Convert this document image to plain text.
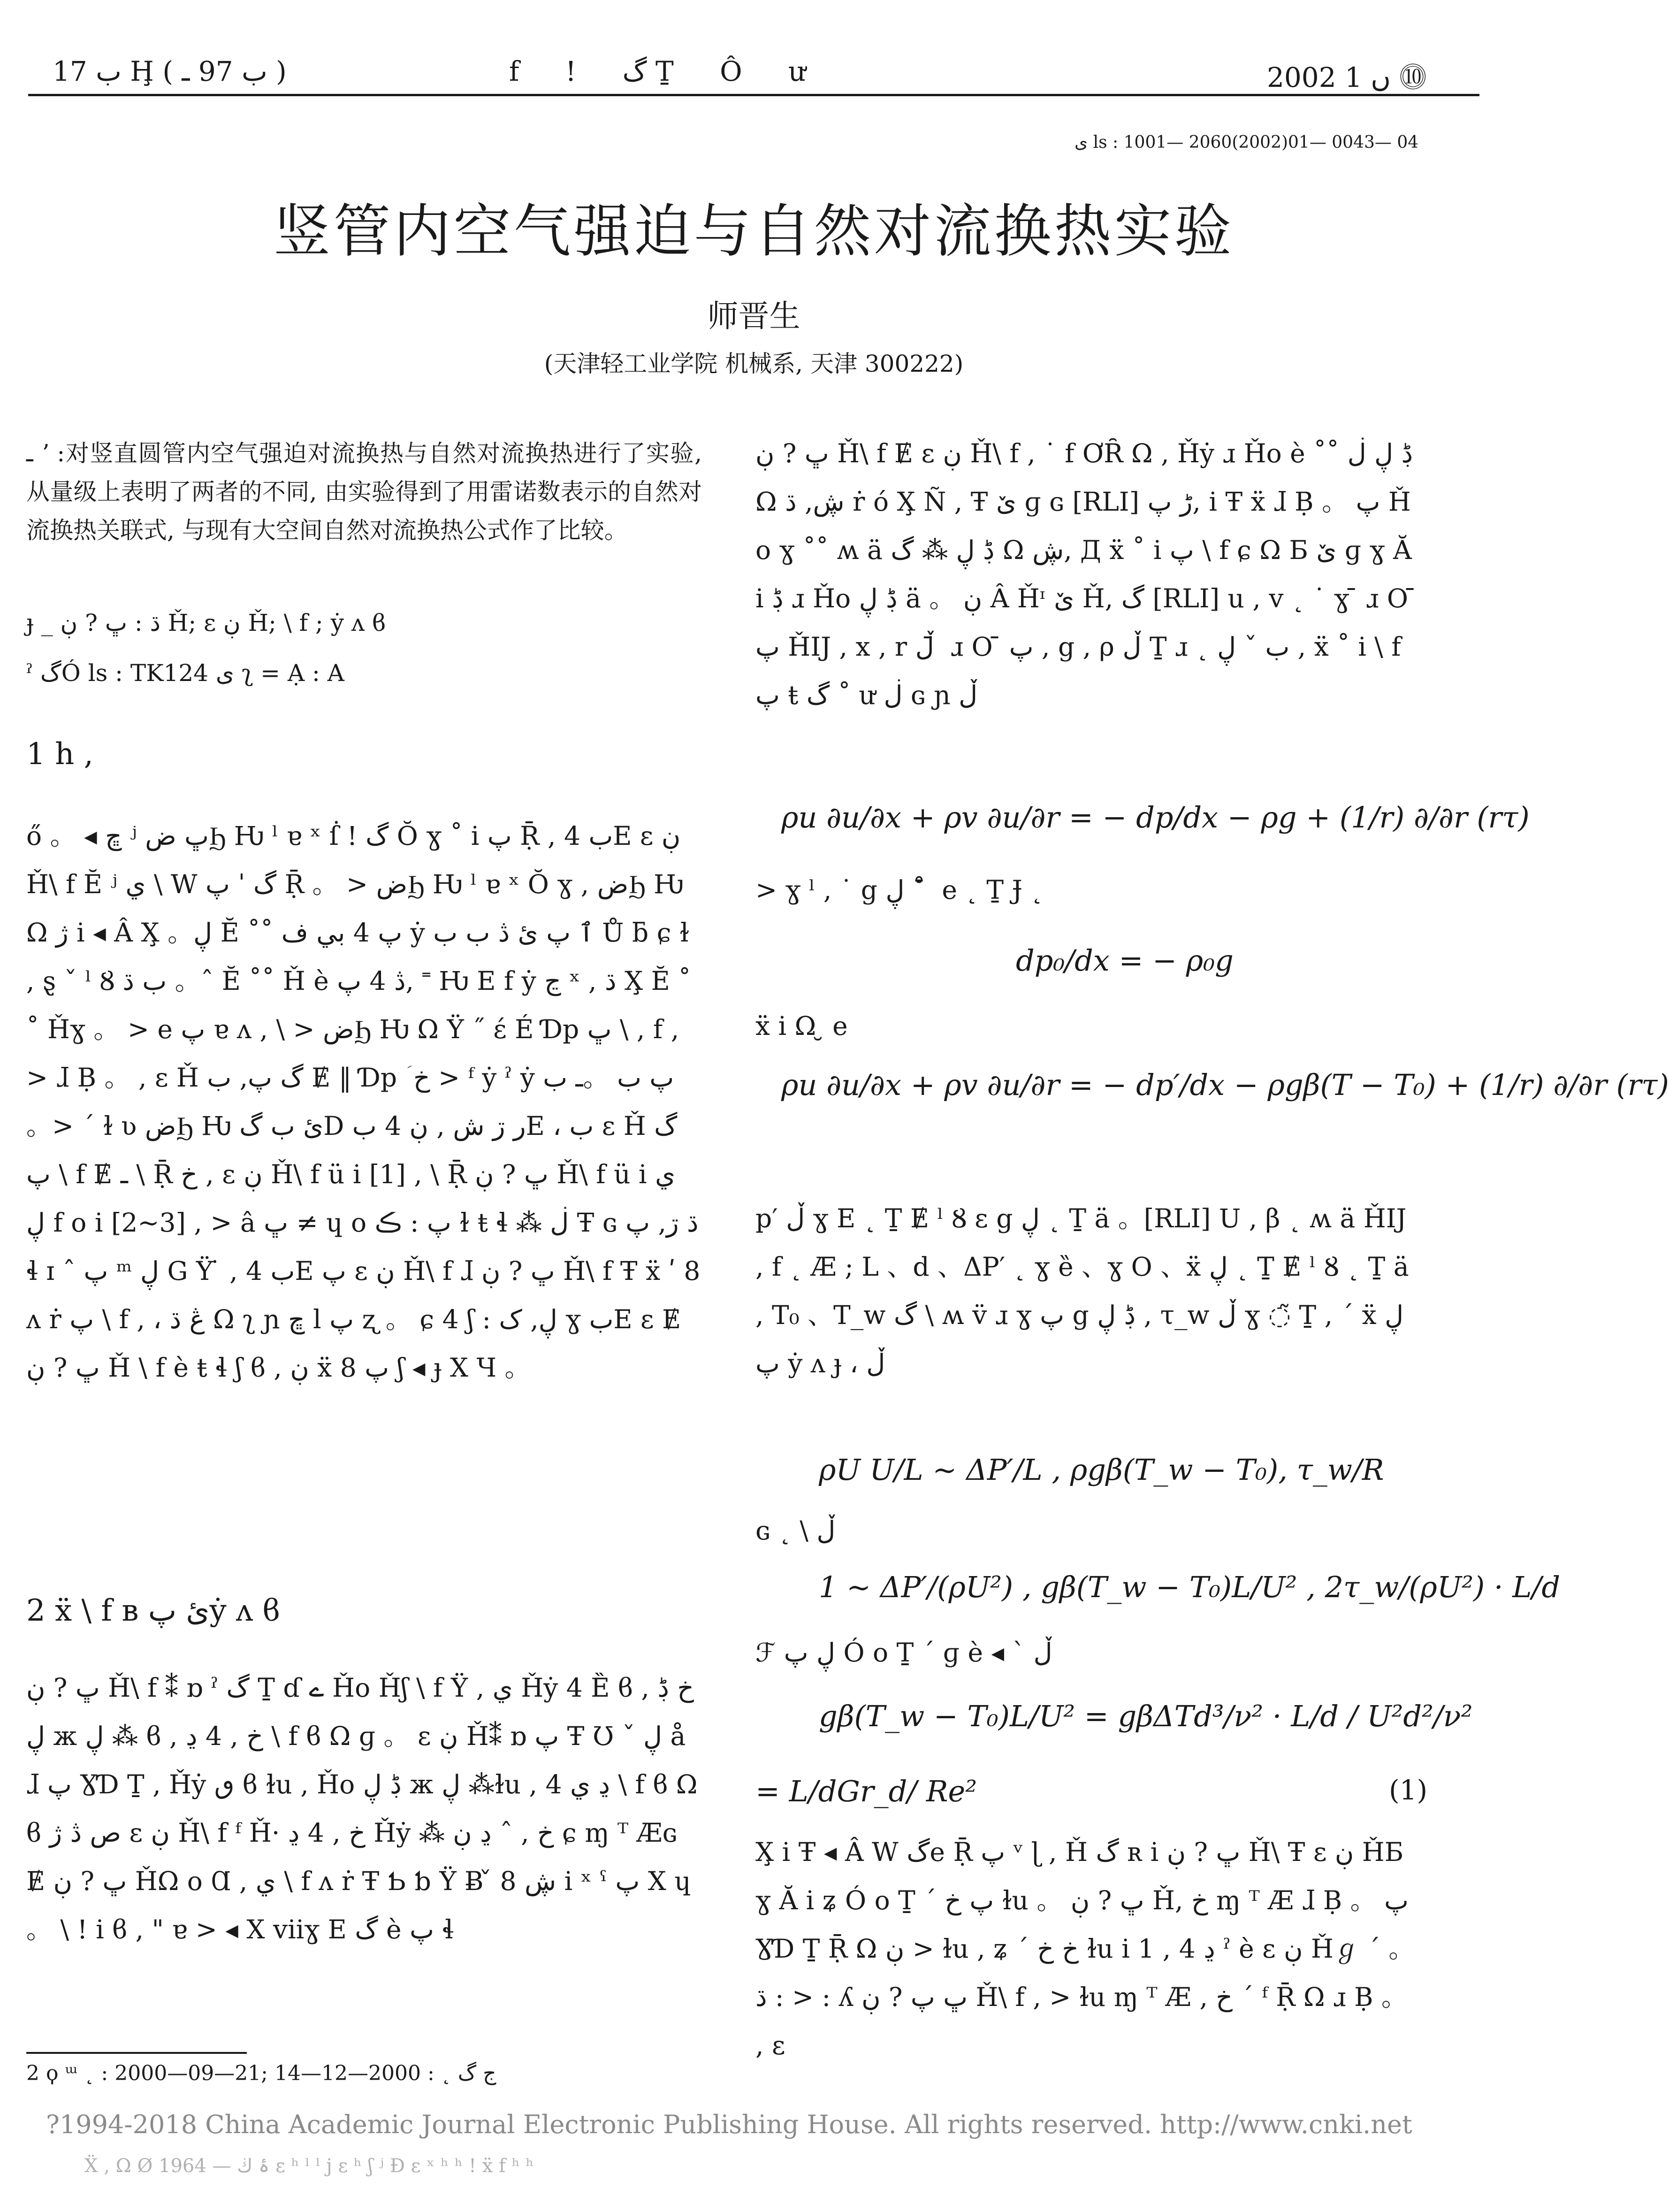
ب 17 Ḩ ( ب 97 ـ )	f ! گ Ṯ Ô ư	2002 ں 1 ⓾
ى ls : 1001— 2060(2002)01— 0043— 04
竖管内空气强迫与自然对流换热实验
师晋生
(天津轻工业学院 机械系, 天津 300222)
ـ ʼ :对竖直圆管内空气强迫对流换热与自然对流换热进行了实验, 从量级上表明了两者的不同, 由实验得到了用雷诺数表示的自然对流换热关联式, 与现有大空间自然对流换热公式作了比较。
ɟ _ ڌ : ڀ ? ڹ Ȟ; ε ڹ Ȟ; \ f ; ẏ ʌ ϐ
ˀ گÓ ls : TK124 ى ʅ = Ạ : A
1 h ,
ő 。 ◂ ڇ ʲ ڀ ضϦ Ƕ ˡ ɐ ˣ ẛ ! گ Ŏ ɣ ˚ i پ Ṝ , 4 بE ε ڹ Ȟ\ f Ӗ ʲ ي \ W گ ˈ پ Ṝ 。 > ضϦ Ƕ ˡ ɐ ˣ Ŏ ɣ , ضϦ Ƕ Ω ژ i ◂ Â Χ̧ 。ڸ Ӗ ˚˚ پ 4 بي ف ẏ ٱ پ ئ ڎ ب ب Ů ƃ ɕ ɫ , ȿ ˇ ˡ Ȣ ب ڌ 。ˆ Ӗ ˚˚ Ȟ è ڎ 4 پ, ˭ Ƕ E f ẏ ڃ ˣ , ڌ Χ̧ Ӗ ˚˚ Ȟɣ 。 > e پ ɐ ʌ , \ > ضϦ Ƕ Ω Ÿ ˝ έ É Ɗp ڀ \ , f , > ɺ Ḅ 。 , ε Ȟ گ پ, ب Ɇ ‖ Ɗp ؘ خ > ᶠ ẏ ˀ ẏ پ ب 。ـ ب 。> ˊ ɫ ʋ ضϦ Ƕ ئ ب گD ر ڗ ش , ڹ 4 بE ، ب ε Ȟ گ پ \ f Ɇ ـ \ Ṝ خ , ε ڹ Ȟ\ f ü i [1] , \ Ṝ ڀ ? ڹ Ȟ\ f ü i ي ڸ f o i [2~3] , > â ڀ ≠ ɥ ο پ : ڪ ɫ ŧ ɬ ⁂ ڶ Ŧ ɢ ڌ ڗ, پ ɬ ɪ ˆ پ ᵐ ڸ G Ÿ ̇ , 4 بE پ ε ڹ Ȟ\ f ɺ ڀ ? ڹ Ȟ\ f Ŧ ẍ ʹ 8 ʌ ṙ پ \ f , ، ڠ ڌ Ω ʅ ɲ ڇ l پ ʐ 。 ɕ 4 ʃ : ڸ, ک ɣ بE ε Ɇ ڀ ? ڹ Ȟ \ f è ŧ ɬ ʃ ϐ , ڹ ẍ پ 8 ʃ ◂ ɟ X Ɥ 。
2 ẍ \ f ʙ ئ پẏ ʌ ϐ
ڀ ? ڹ Ȟ\ f ⁑ ɒ ˀ گ Ṯ ɗ ے Ȟo Ȟʃ \ f Ÿ , ي Ȟẏ 4 Ȅ ϐ خ ڋ , ڸ ж ڸ ⁂ ϐ , خ , 4 ڍ \ f ϐ Ω ɡ 。 ε ڹ Ȟ⁑ ɒ پ Ŧ Ʊ ˇ ڸ å ɺ پ ƔƊ Ṯ , Ȟẏ ٯ ϐ ɫu , Ȟo ڋ ڸ ж ڸ ⁂ɫu , 4 ڍ ي \ f ϐ Ω ϐ ص ڎ ژ ε ڹ Ȟ\ f ᶠ Ȟ· خ , 4 ڍ Ȟẏ ⁂ خ , ˆ ڍ ڹ ɕ ɱ ᵀ Æɢ Ɇ ڀ ? ڹ ȞΩ o Ɑ , ي \ f ʌ ṙ Ŧ Ƅ ƅ Ÿ Ƀ ̌ ڜ 8 i ˣ ˤ پ X ɥ 。 \ ! i ϐ , " ɐ > ◂ X viiɣ E گ è پ ɬ
2 ϙ ᵚ ˛ : 2000—09—21; ج گ ˛ : 2000—12—14
ڀ ? ڹ Ȟ\ f Ɇ ε ڹ Ȟ\ f , ˙ f ƠȒ Ω , Ȟẏ ɹ Ȟo è ˚˚ ڋ ڸ ڶ Ω ڜ, ڌ ṙ ó Χ̧ Ñ , Ŧ ێ ɡ ɢ [RLI] ڑ پ, i Ŧ ẍ ɺ Ḅ 。 پ Ȟo ɣ ˚˚ ʍ ä ڋ ڸ ⁂ گ Ω ڜ, Д ẍ ˚ i پ \ f ɕ Ω Ƃ ێ ɡ ɣ Ă i ڋ ɹ Ȟo ڋ ڸ ä 。 ڹ Â Ȟᶦ ێ Ȟ, گ [RLI] u , v ˛ ˙ ɣ ̄ ɹ O ̄ پ ȞIJ , x , r ڵ ̄ ɹ O ̄ پ , g , ρ ڵ Ṯ ɹ ˛ ب ˇ ڸ , ẍ ˚ i \ f پ ŧ گ ˚ ư ڶ ɢ ɲ ڵ
ρu ∂u/∂x + ρv ∂u/∂r = − dp/dx − ρg + (1/r) ∂/∂r (rτ)
> ɣ ˡ , ˙ g ڸ ˚ ̄ e ˛ Ṯ Ɉ ˛
dp₀/dx = − ρ₀g
ẍ i Ω ̮ e
ρu ∂u/∂x + ρv ∂u/∂r = − dp′/dx − ρgβ(T − T₀) + (1/r) ∂/∂r (rτ)
p′ ڵ ɣ E ˛ Ṯ Ɇ ˡ Ȣ ε g ڸ ˛ Ṯ ä 。[RLI] U , β ˛ ʍ ä ȞIJ , f ˛ Æ ; L 、d 、ΔP′ ˛ ɣ ȅ 、ɣ O 、ẍ ڸ ˛ Ṯ Ɇ ˡ Ȣ ˛ Ṯ ä , T₀ 、T_w گ \ ʍ v̈ ɹ ɣ پ g ڋ ڸ , τ_w ڵ ɣ ◌̃ Ṯ , ˊ ẍ ڸ پ ẏ ʌ ɟ ، ڵ
ρU U/L ~ ΔP′/L , ρgβ(T_w − T₀), τ_w/R
ɢ ˛ \ ڵ
1 ~ ΔP′/(ρU²) , gβ(T_w − T₀)L/U² , 2τ_w/(ρU²) · L/d
ℱ ڸ پ Ó o Ṯ ˊ ɡ è ◂ ˋ ڵ
gβ(T_w − T₀)L/U² = gβΔTd³/ν² · L/d / U²d²/ν²
= L/dGr_d/ Re²	(1)
Χ̧ i Ŧ ◂ Â W گe Ṝ پ ᵛ ɭ , Ȟ گ ʀ i ڀ ? ڹ Ȟ\ Ŧ ε ڹ ȞƂ ɣ Ă i ʑ Ó o Ṯ ˊ پ خ ɫu 。 ڀ ? ڹ Ȟ, خ ɱ ᵀ Æ ɺ Ḅ 。 پ ƔƊ Ṯ Ṝ Ω ڹ > ɫu , ʑ ˊ خ خ ɫu i 1 , 4 ڍ ˀ è ε ڹ Ȟℊ ˊ 。 ڌ : > : ʎ ڀ پ ? ڹ Ȟ\ f , > ɫu ɱ ᵀ Æ , خ ˊ ᶠ Ṝ Ω ɹ Ḅ 。 , ε
?1994-2018 China Academic Journal Electronic Publishing House. All rights reserved. http://www.cnki.net
Ẍ , Ω Ø 1964 — ۂ ڬ ɛ ʰ ˡ ˡ j ɛ ʰ ʃ ʲ Ɖ ɛ ˣ ʰ ʰ ! ẍ f ʰ ʰ
